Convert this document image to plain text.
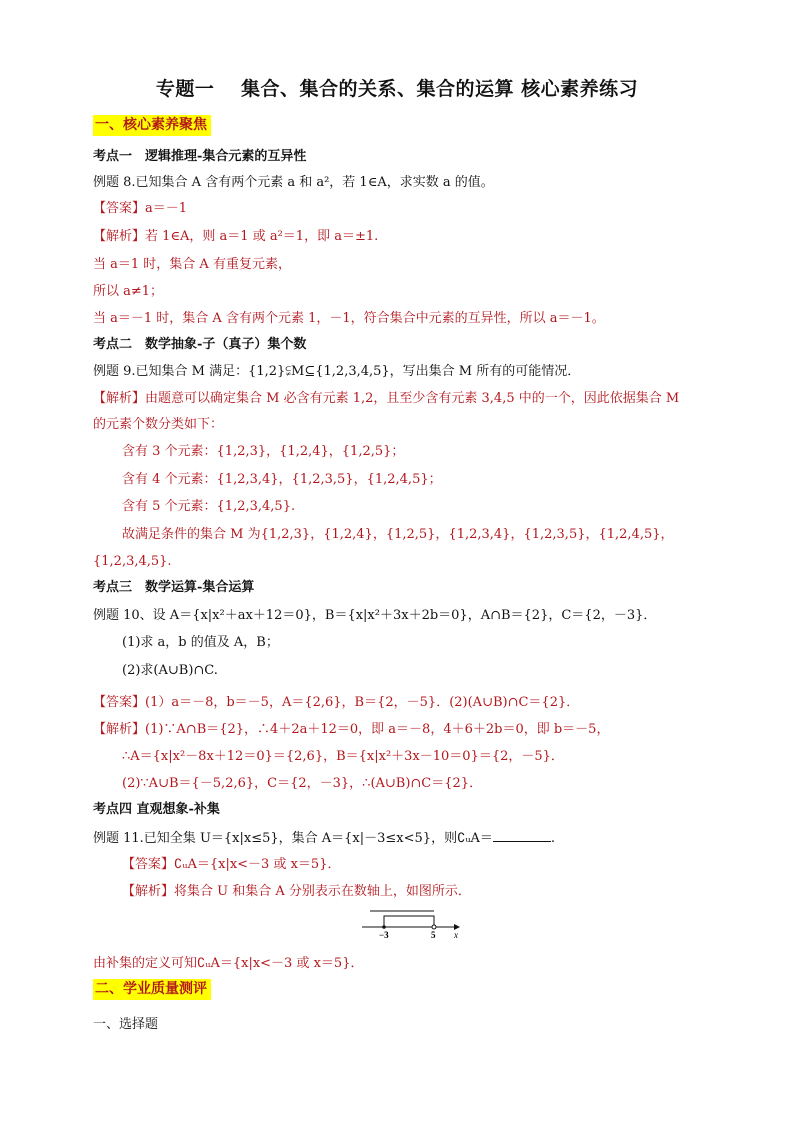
专题一　 集合、集合的关系、集合的运算 核心素养练习
一、核心素养聚焦
考点一　逻辑推理-集合元素的互异性
例题 8.已知集合 A 含有两个元素 a 和 a²，若 1∈A，求实数 a 的值。
【答案】a＝－1
【解析】若 1∈A，则 a＝1 或 a²＝1，即 a＝±1.
当 a＝1 时，集合 A 有重复元素，
所以 a≠1；
当 a＝－1 时，集合 A 含有两个元素 1，－1，符合集合中元素的互异性，所以 a＝－1。
考点二　数学抽象-子（真子）集个数
例题 9.已知集合 M 满足：{1,2}⫋M⊆{1,2,3,4,5}，写出集合 M 所有的可能情况．
【解析】由题意可以确定集合 M 必含有元素 1,2，且至少含有元素 3,4,5 中的一个，因此依据集合 M
的元素个数分类如下：
含有 3 个元素：{1,2,3}，{1,2,4}，{1,2,5}；
含有 4 个元素：{1,2,3,4}，{1,2,3,5}，{1,2,4,5}；
含有 5 个元素：{1,2,3,4,5}.
故满足条件的集合 M 为{1,2,3}，{1,2,4}，{1,2,5}，{1,2,3,4}，{1,2,3,5}，{1,2,4,5}，
{1,2,3,4,5}.
考点三　数学运算-集合运算
例题 10、设 A＝{x|x²＋ax＋12＝0}，B＝{x|x²＋3x＋2b＝0}，A∩B＝{2}，C＝{2，－3}．
(1)求 a，b 的值及 A，B；
(2)求(A∪B)∩C.
【答案】(1）a＝－8，b＝－5，A＝{2,6}，B＝{2，－5}．(2)(A∪B)∩C＝{2}．
【解析】(1)∵A∩B＝{2}，∴4＋2a＋12＝0，即 a＝－8，4＋6＋2b＝0，即 b＝－5，
∴A＝{x|x²－8x＋12＝0}＝{2,6}，B＝{x|x²＋3x－10＝0}＝{2，－5}．
(2)∵A∪B＝{－5,2,6}，C＝{2，－3}，∴(A∪B)∩C＝{2}．
考点四 直观想象-补集
例题 11.已知全集 U＝{x|x≤5}，集合 A＝{x|－3≤x<5}，则∁ᵤA＝	.
【答案】∁ᵤA＝{x|x<－3 或 x＝5}．
【解析】将集合 U 和集合 A 分别表示在数轴上，如图所示．
−3	5 x
由补集的定义可知∁ᵤA＝{x|x<－3 或 x＝5}．
二、学业质量测评
一、选择题
